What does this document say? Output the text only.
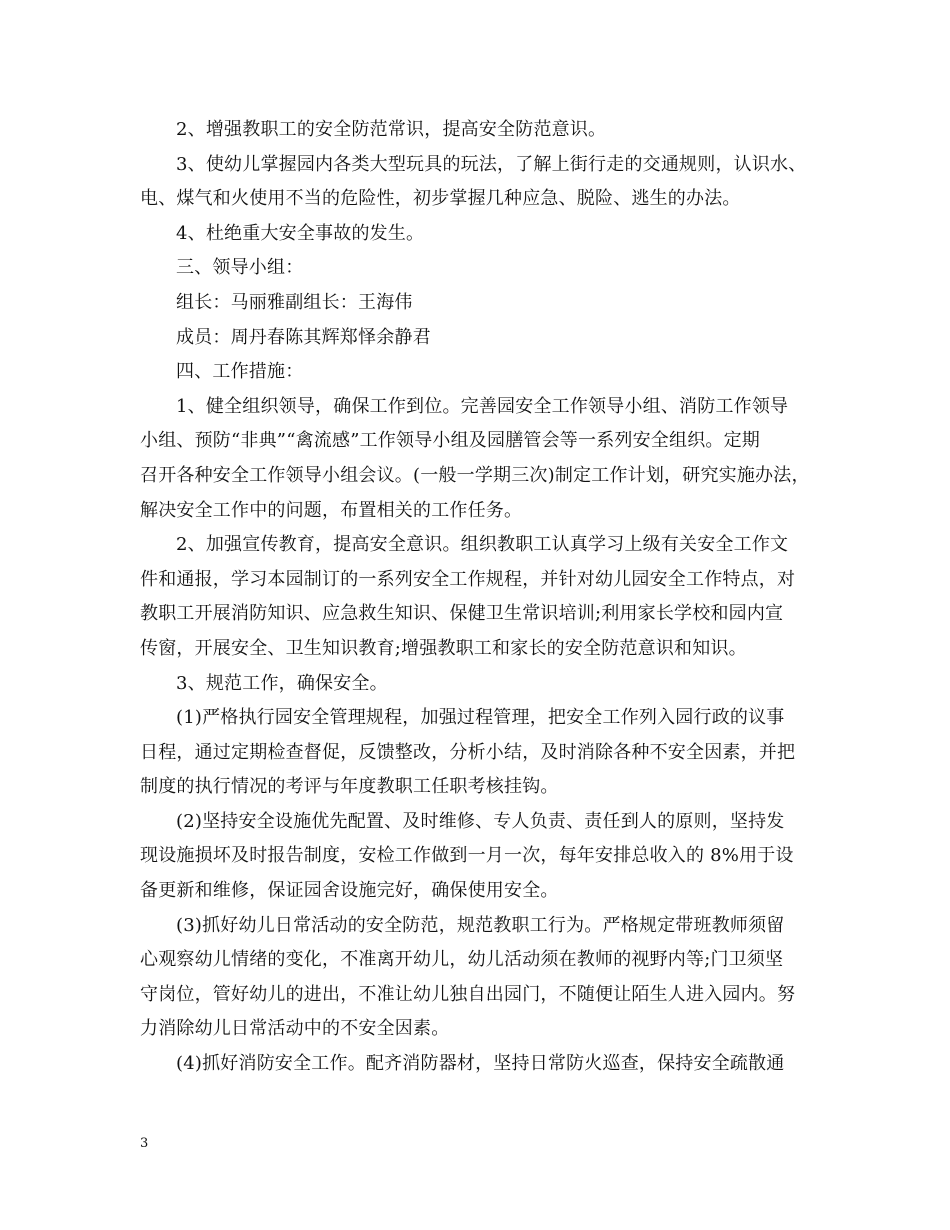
2、增强教职工的安全防范常识，提高安全防范意识。
3、使幼儿掌握园内各类大型玩具的玩法，了解上街行走的交通规则，认识水、
电、煤气和火使用不当的危险性，初步掌握几种应急、脱险、逃生的办法。
4、杜绝重大安全事故的发生。
三、领导小组：
组长：马丽雅副组长：王海伟
成员：周丹春陈其辉郑怿余静君
四、工作措施：
1、健全组织领导，确保工作到位。完善园安全工作领导小组、消防工作领导
小组、预防“非典”“禽流感”工作领导小组及园膳管会等一系列安全组织。定期
召开各种安全工作领导小组会议。(一般一学期三次)制定工作计划，研究实施办法，
解决安全工作中的问题，布置相关的工作任务。
2、加强宣传教育，提高安全意识。组织教职工认真学习上级有关安全工作文
件和通报，学习本园制订的一系列安全工作规程，并针对幼儿园安全工作特点，对
教职工开展消防知识、应急救生知识、保健卫生常识培训;利用家长学校和园内宣
传窗，开展安全、卫生知识教育;增强教职工和家长的安全防范意识和知识。
3、规范工作，确保安全。
(1)严格执行园安全管理规程，加强过程管理，把安全工作列入园行政的议事
日程，通过定期检查督促，反馈整改，分析小结，及时消除各种不安全因素，并把
制度的执行情况的考评与年度教职工任职考核挂钩。
(2)坚持安全设施优先配置、及时维修、专人负责、责任到人的原则，坚持发
现设施损坏及时报告制度，安检工作做到一月一次，每年安排总收入的 8%用于设
备更新和维修，保证园舍设施完好，确保使用安全。
(3)抓好幼儿日常活动的安全防范，规范教职工行为。严格规定带班教师须留
心观察幼儿情绪的变化，不准离开幼儿，幼儿活动须在教师的视野内等;门卫须坚
守岗位，管好幼儿的进出，不准让幼儿独自出园门，不随便让陌生人进入园内。努
力消除幼儿日常活动中的不安全因素。
(4)抓好消防安全工作。配齐消防器材，坚持日常防火巡查，保持安全疏散通
3
